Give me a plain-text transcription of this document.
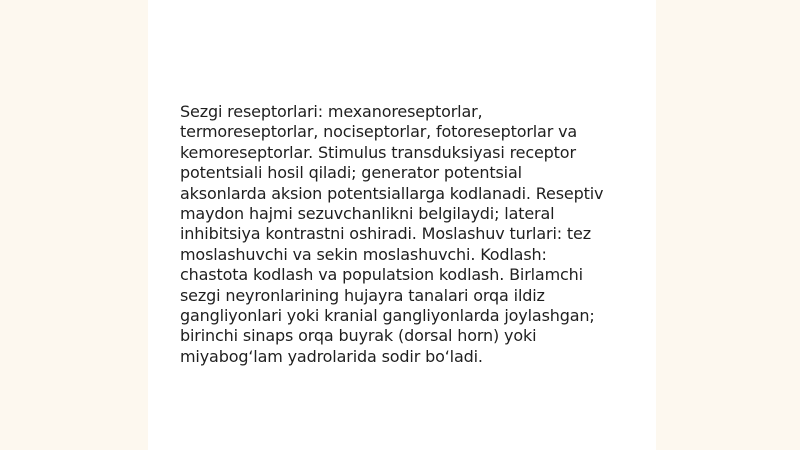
Sezgi reseptorlari: mexanoreseptorlar,
termoreseptorlar, nociseptorlar, fotoreseptorlar va
kemoreseptorlar. Stimulus transduksiyasi receptor
potentsiali hosil qiladi; generator potentsial
aksonlarda aksion potentsiallarga kodlanadi. Reseptiv
maydon hajmi sezuvchanlikni belgilaydi; lateral
inhibitsiya kontrastni oshiradi. Moslashuv turlari: tez
moslashuvchi va sekin moslashuvchi. Kodlash:
chastota kodlash va populatsion kodlash. Birlamchi
sezgi neyronlarining hujayra tanalari orqa ildiz
gangliyonlari yoki kranial gangliyonlarda joylashgan;
birinchi sinaps orqa buyrak (dorsal horn) yoki
miyabog‘lam yadrolarida sodir bo‘ladi.
